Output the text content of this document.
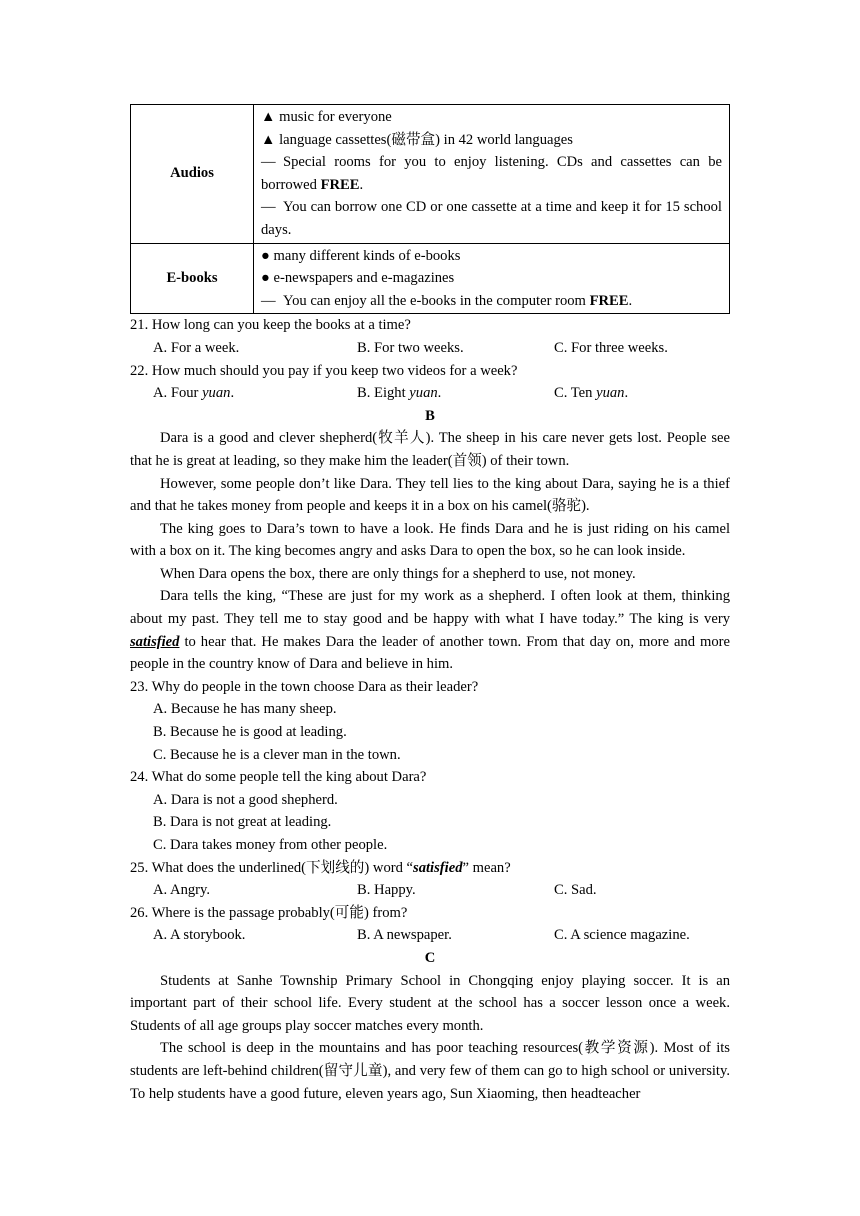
Audios	▲ music for everyone
▲ language cassettes(磁带盒) in 42 world languages
— Special rooms for you to enjoy listening. CDs and cassettes can be borrowed FREE.
— You can borrow one CD or one cassette at a time and keep it for 15 school days.

E-books	● many different kinds of e-books
● e-newspapers and e-magazines
— You can enjoy all the e-books in the computer room FREE.

21. How long can you keep the books at a time?

A. For a week.	B. For two weeks.	C. For three weeks.

22. How much should you pay if you keep two videos for a week?

A. Four yuan.	B. Eight yuan.	C. Ten yuan.
B

Dara is a good and clever shepherd(牧羊人). The sheep in his care never gets lost. People see that he is great at leading, so they make him the leader(首领) of their town.

However, some people don’t like Dara. They tell lies to the king about Dara, saying he is a thief and that he takes money from people and keeps it in a box on his camel(骆驼).

The king goes to Dara’s town to have a look. He finds Dara and he is just riding on his camel with a box on it. The king becomes angry and asks Dara to open the box, so he can look inside.

When Dara opens the box, there are only things for a shepherd to use, not money.

Dara tells the king, “These are just for my work as a shepherd. I often look at them, thinking about my past. They tell me to stay good and be happy with what I have today.” The king is very satisfied to hear that. He makes Dara the leader of another town. From that day on, more and more people in the country know of Dara and believe in him.

23. Why do people in the town choose Dara as their leader?

A. Because he has many sheep.
B. Because he is good at leading.
C. Because he is a clever man in the town.

24. What do some people tell the king about Dara?

A. Dara is not a good shepherd.
B. Dara is not great at leading.
C. Dara takes money from other people.

25. What does the underlined(下划线的) word “satisfied” mean?

A. Angry.	B. Happy.	C. Sad.

26. Where is the passage probably(可能) from?

A. A storybook.	B. A newspaper.	C. A science magazine.
C

Students at Sanhe Township Primary School in Chongqing enjoy playing soccer. It is an important part of their school life. Every student at the school has a soccer lesson once a week. Students of all age groups play soccer matches every month.

The school is deep in the mountains and has poor teaching resources(教学资源). Most of its students are left-behind children(留守儿童), and very few of them can go to high school or university. To help students have a good future, eleven years ago, Sun Xiaoming, then headteacher
